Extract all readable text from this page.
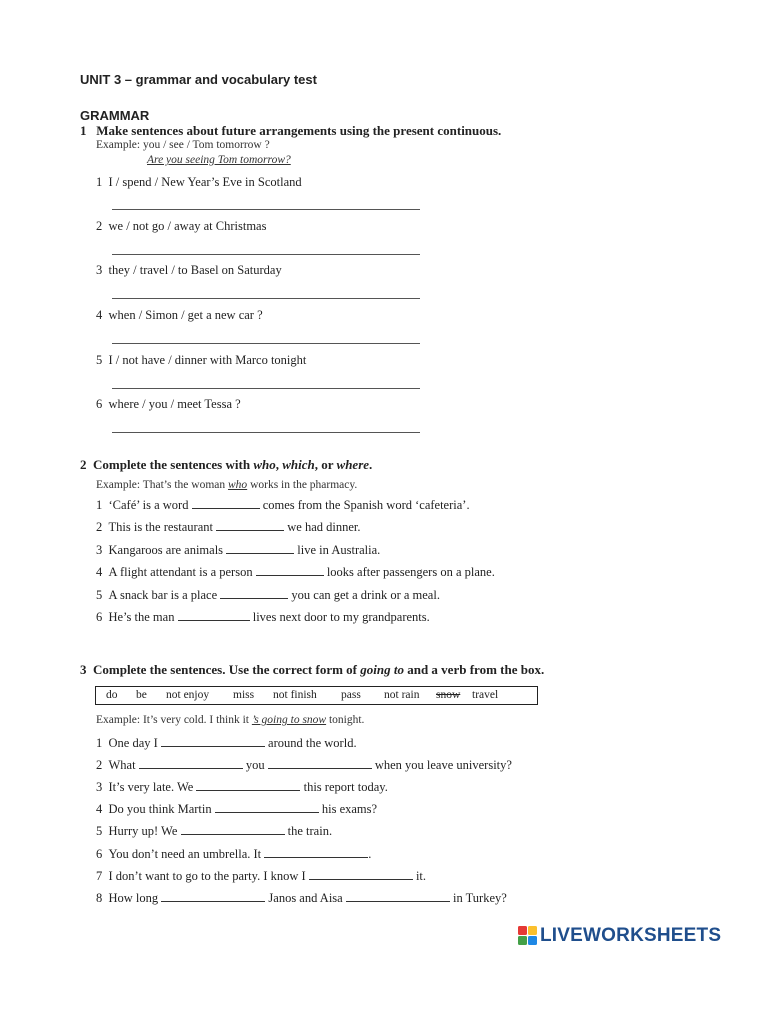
UNIT 3 – grammar and vocabulary test
GRAMMAR
1 Make sentences about future arrangements using the present continuous.
Example: you / see / Tom tomorrow ?
Are you seeing Tom tomorrow?
1 I / spend / New Year’s Eve in Scotland
2 we / not go / away at Christmas
3 they / travel / to Basel on Saturday
4 when / Simon / get a new car ?
5 I / not have / dinner with Marco tonight
6 where / you / meet Tessa ?
2 Complete the sentences with who, which, or where.
Example: That’s the woman who works in the pharmacy.
1 ‘Café’ is a word	comes from the Spanish word ‘cafeteria’.
2 This is the restaurant	we had dinner.
3 Kangaroos are animals	live in Australia.
4 A flight attendant is a person	looks after passengers on a plane.
5 A snack bar is a place	you can get a drink or a meal.
6 He’s the man	lives next door to my grandparents.
3 Complete the sentences. Use the correct form of going to and a verb from the box.
do be not enjoy miss not finish pass not rain snow travel
Example: It’s very cold. I think it ’s going to snow tonight.
1 One day I	around the world.
2 What	you	when you leave university?
3 It’s very late. We	this report today.
4 Do you think Martin	his exams?
5 Hurry up! We	the train.
6 You don’t need an umbrella. It	.
7 I don’t want to go to the party. I know I	it.
8 How long	Janos and Aisa	in Turkey?
LIVEWORKSHEETS
